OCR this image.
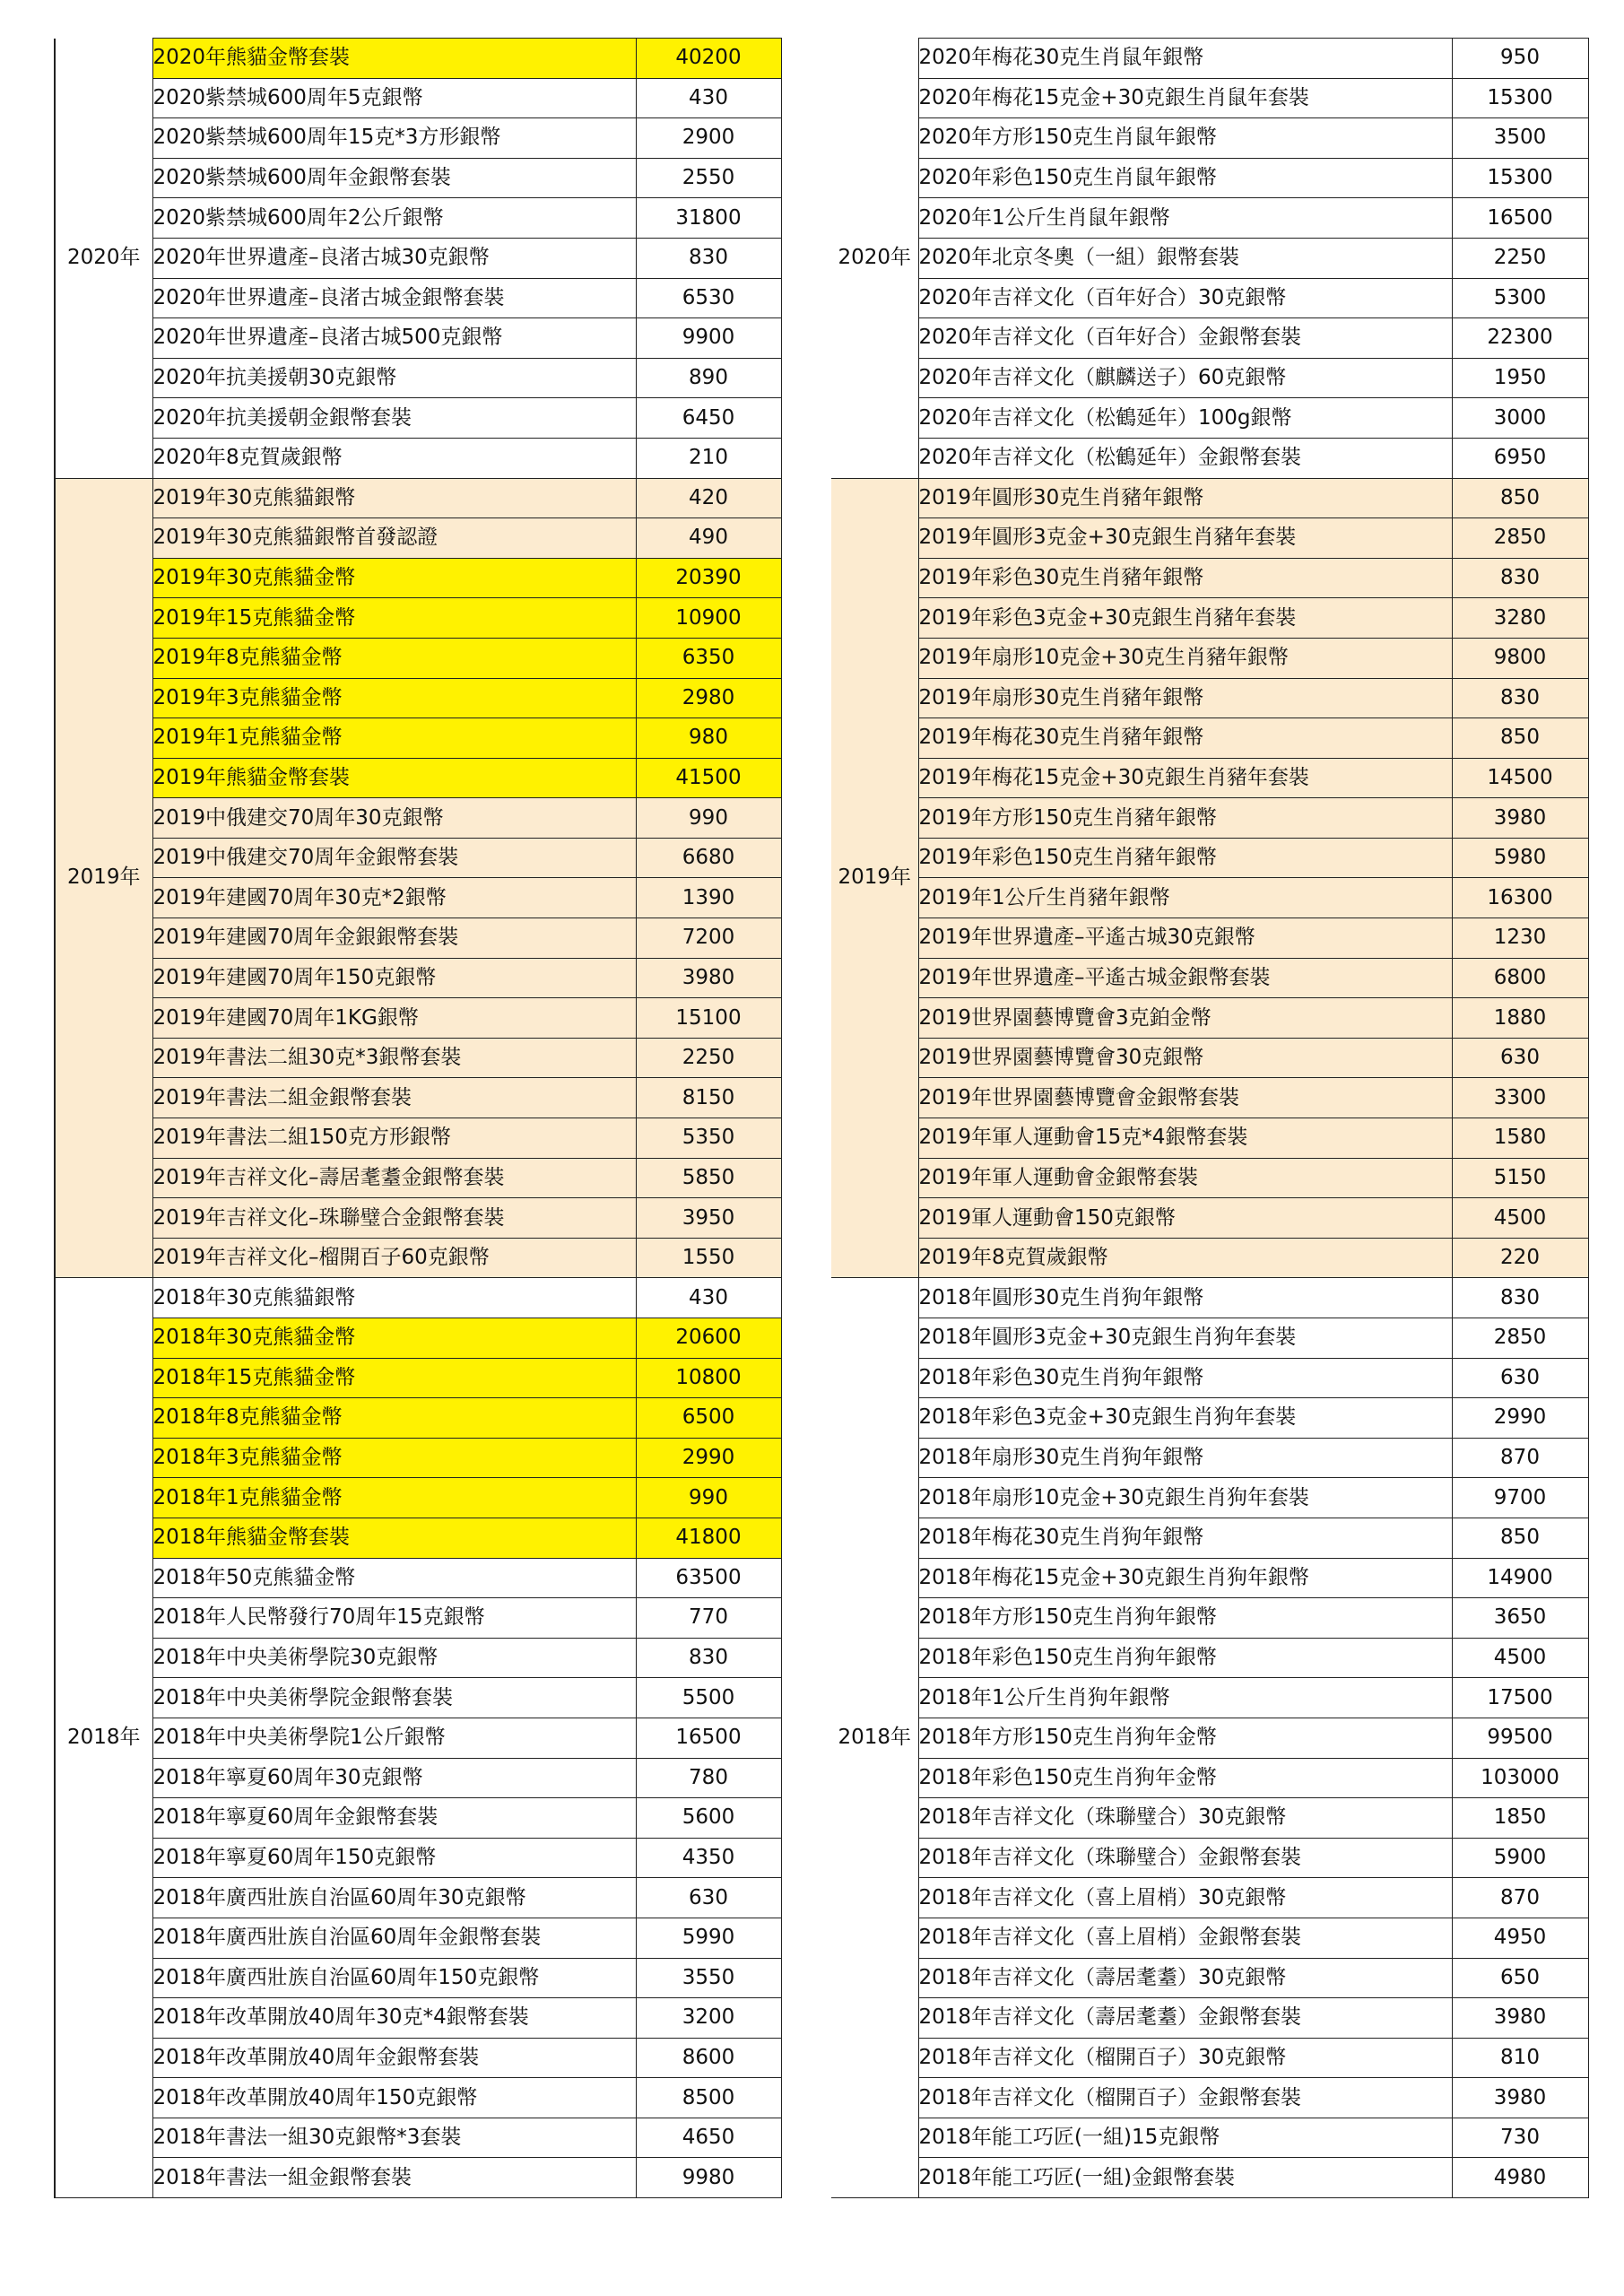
2020年	2020年熊貓金幣套裝	40200
	2020紫禁城600周年5克銀幣	430
	2020紫禁城600周年15克*3方形銀幣	2900
	2020紫禁城600周年金銀幣套裝	2550
	2020紫禁城600周年2公斤銀幣	31800
	2020年世界遺產–良渚古城30克銀幣	830
	2020年世界遺產–良渚古城金銀幣套裝	6530
	2020年世界遺產–良渚古城500克銀幣	9900
	2020年抗美援朝30克銀幣	890
	2020年抗美援朝金銀幣套裝	6450
	2020年8克賀歲銀幣	210
2019年	2019年30克熊貓銀幣	420
	2019年30克熊貓銀幣首發認證	490
	2019年30克熊貓金幣	20390
	2019年15克熊貓金幣	10900
	2019年8克熊貓金幣	6350
	2019年3克熊貓金幣	2980
	2019年1克熊貓金幣	980
	2019年熊貓金幣套裝	41500
	2019中俄建交70周年30克銀幣	990
	2019中俄建交70周年金銀幣套裝	6680
	2019年建國70周年30克*2銀幣	1390
	2019年建國70周年金銀銀幣套裝	7200
	2019年建國70周年150克銀幣	3980
	2019年建國70周年1KG銀幣	15100
	2019年書法二組30克*3銀幣套裝	2250
	2019年書法二組金銀幣套裝	8150
	2019年書法二組150克方形銀幣	5350
	2019年吉祥文化–壽居耄耋金銀幣套裝	5850
	2019年吉祥文化–珠聯璧合金銀幣套裝	3950
	2019年吉祥文化–榴開百子60克銀幣	1550
2018年	2018年30克熊貓銀幣	430
	2018年30克熊貓金幣	20600
	2018年15克熊貓金幣	10800
	2018年8克熊貓金幣	6500
	2018年3克熊貓金幣	2990
	2018年1克熊貓金幣	990
	2018年熊貓金幣套裝	41800
	2018年50克熊貓金幣	63500
	2018年人民幣發行70周年15克銀幣	770
	2018年中央美術學院30克銀幣	830
	2018年中央美術學院金銀幣套裝	5500
	2018年中央美術學院1公斤銀幣	16500
	2018年寧夏60周年30克銀幣	780
	2018年寧夏60周年金銀幣套裝	5600
	2018年寧夏60周年150克銀幣	4350
	2018年廣西壯族自治區60周年30克銀幣	630
	2018年廣西壯族自治區60周年金銀幣套裝	5990
	2018年廣西壯族自治區60周年150克銀幣	3550
	2018年改革開放40周年30克*4銀幣套裝	3200
	2018年改革開放40周年金銀幣套裝	8600
	2018年改革開放40周年150克銀幣	8500
	2018年書法一組30克銀幣*3套裝	4650
	2018年書法一組金銀幣套裝	9980
2020年	2020年梅花30克生肖鼠年銀幣	950
	2020年梅花15克金+30克銀生肖鼠年套裝	15300
	2020年方形150克生肖鼠年銀幣	3500
	2020年彩色150克生肖鼠年銀幣	15300
	2020年1公斤生肖鼠年銀幣	16500
	2020年北京冬奧（一組）銀幣套裝	2250
	2020年吉祥文化（百年好合）30克銀幣	5300
	2020年吉祥文化（百年好合）金銀幣套裝	22300
	2020年吉祥文化（麒麟送子）60克銀幣	1950
	2020年吉祥文化（松鶴延年）100g銀幣	3000
	2020年吉祥文化（松鶴延年）金銀幣套裝	6950
2019年	2019年圓形30克生肖豬年銀幣	850
	2019年圓形3克金+30克銀生肖豬年套裝	2850
	2019年彩色30克生肖豬年銀幣	830
	2019年彩色3克金+30克銀生肖豬年套裝	3280
	2019年扇形10克金+30克生肖豬年銀幣	9800
	2019年扇形30克生肖豬年銀幣	830
	2019年梅花30克生肖豬年銀幣	850
	2019年梅花15克金+30克銀生肖豬年套裝	14500
	2019年方形150克生肖豬年銀幣	3980
	2019年彩色150克生肖豬年銀幣	5980
	2019年1公斤生肖豬年銀幣	16300
	2019年世界遺產–平遙古城30克銀幣	1230
	2019年世界遺產–平遙古城金銀幣套裝	6800
	2019世界園藝博覽會3克鉑金幣	1880
	2019世界園藝博覽會30克銀幣	630
	2019年世界園藝博覽會金銀幣套裝	3300
	2019年軍人運動會15克*4銀幣套裝	1580
	2019年軍人運動會金銀幣套裝	5150
	2019軍人運動會150克銀幣	4500
	2019年8克賀歲銀幣	220
2018年	2018年圓形30克生肖狗年銀幣	830
	2018年圓形3克金+30克銀生肖狗年套裝	2850
	2018年彩色30克生肖狗年銀幣	630
	2018年彩色3克金+30克銀生肖狗年套裝	2990
	2018年扇形30克生肖狗年銀幣	870
	2018年扇形10克金+30克銀生肖狗年套裝	9700
	2018年梅花30克生肖狗年銀幣	850
	2018年梅花15克金+30克銀生肖狗年銀幣	14900
	2018年方形150克生肖狗年銀幣	3650
	2018年彩色150克生肖狗年銀幣	4500
	2018年1公斤生肖狗年銀幣	17500
	2018年方形150克生肖狗年金幣	99500
	2018年彩色150克生肖狗年金幣	103000
	2018年吉祥文化（珠聯璧合）30克銀幣	1850
	2018年吉祥文化（珠聯璧合）金銀幣套裝	5900
	2018年吉祥文化（喜上眉梢）30克銀幣	870
	2018年吉祥文化（喜上眉梢）金銀幣套裝	4950
	2018年吉祥文化（壽居耄耋）30克銀幣	650
	2018年吉祥文化（壽居耄耋）金銀幣套裝	3980
	2018年吉祥文化（榴開百子）30克銀幣	810
	2018年吉祥文化（榴開百子）金銀幣套裝	3980
	2018年能工巧匠(一組)15克銀幣	730
	2018年能工巧匠(一組)金銀幣套裝	4980
